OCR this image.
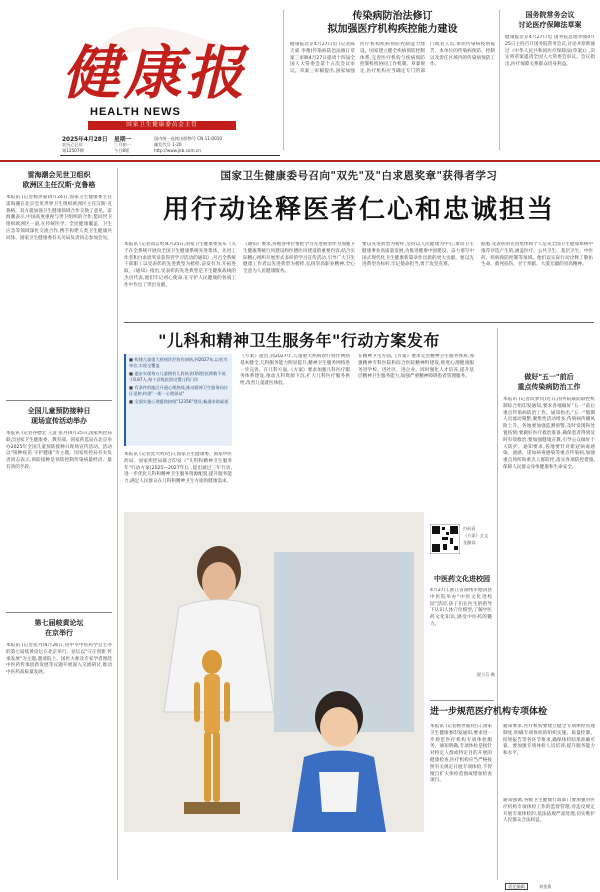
健康报
HEALTH NEWS
国家卫生健康委员会主管
2025年4月28日
农历乙巳年
第12507期
星期一
三月初一
今日8版
国内统一连续出版物号 CN 11-0010
邮发代号 1-20
http://www.jkb.com.cn
传染病防治法修订
拟加强医疗机构疾控能力建设
健康报北京4月27日电 (记者陈天威 李雅)传染病防治法修订草案三审稿4月27日提请十四届全国人大常委会第十五次会议审议。草案三审稿提出,国家加强医疗机构疾病预防控制能力建设。国家建立健全疾病预防控制体系,完善医疗机构与疾病预防控制机构协同工作机制。草案规定,医疗机构应当确定专门的部门或者人员,承担传染病疫情报告、本单位的传染病预防、控制以及责任区域内的传染病预防工作。
国务院常务会议
讨论医疗保障法草案
健康报北京4月27日电 国务院总理李强4月25日主持召开国务院常务会议,讨论并原则通过《中华人民共和国医疗保障法(草案)》,决定将草案提请全国人大常委会审议。会议指出,医疗保障关系群众切身利益。
雷海潮会见世卫组织
欧洲区主任汉斯·克鲁格
本报讯 (记者杨世嘉)4月24日,国家卫生健康委主任雷海潮在北京会见世界卫生组织欧洲区主任汉斯·克鲁格。双方就加强卫生健康领域合作交换了意见。雷海潮表示,中国高度重视与世卫组织的合作,愿同世卫组织欧洲区一道,在传统医学、全民健康覆盖、卫生应急等领域深化交流合作,携手构建人类卫生健康共同体。国家卫生健康委有关司局负责同志参加会见。
全国儿童预防接种日
现场宣传活动举办
本报讯 (记者谷德宏 王慧 张丹)4月25日,国家疾控局联合国家卫生健康委、教育部、国家药监局在北京举办2025年全国儿童预防接种日现场宣传活动。活动以"接种疫苗 守护健康"为主题。国家疾控局有关负责同志表示,预防接种是预防控制传染病最经济、最有效的手段。
第七届岐黄论坛
在京举行
本报讯 (记者张丹)4月26日,由中华中医药学会主办的第七届岐黄论坛在北京举行。论坛以"守正创新 传承发展"为主题,邀请院士、国医大师及专家学者围绕中医药传承创新发展等议题开展深入交流研讨,推动中医药高质量发展。
国家卫生健康委号召向"双先"及"白求恩奖章"获得者学习
用行动诠释医者仁心和忠诚担当
本报讯 (记者刘志勇)4月25日,国家卫生健康委发布《关于在全系统开展向全国卫生健康系统先进集体、先进工作者和白求恩奖章获得者学习活动的通知》,号召全系统干部职工以受表彰的先进典型为榜样,奋发有为,开拓进取。《通知》指出,受表彰的先进典型是卫生健康战线的杰出代表,他们牢记初心使命,在守护人民健康的各项工作中作出了突出贡献。
《通知》要求,各地各单位要把学习先进典型作为加强卫生健康系统行风建设和医德医风建设的重要内容,结合实际精心组织开展形式多样的学习宣传活动,引导广大卫生健康工作者以先进典型为榜样,弘扬崇高职业精神,全心全意为人民健康服务。
要以先进典型为榜样,坚持以人民健康为中心,推动卫生健康事业高质量发展,为推进健康中国建设、奋力谱写中国式现代化卫生健康新篇章作出新的更大贡献。要以先进典型为标杆,牢记使命担当,勇于攻坚克难。
据悉,受表彰的先进集体和个人是从全国卫生健康系统中推荐评选产生的,涵盖医疗、公共卫生、基层卫生、中医药、疾病预防控制等领域。他们以实际行动诠释了敬佑生命、救死扶伤、甘于奉献、大爱无疆的崇高精神。
"儿科和精神卫生服务年"行动方案发布
■ 构建儿童重大疾病诊疗协作网络,到2027年,以省为单位,实现全覆盖
■ 逐步实现每万儿童拥有儿科执业(助理)医师数不低于0.87人,每个县级医院设置儿科门诊
■ 有条件的地区开通心理热线,推动精神卫生服务向社区延伸,构建"一街一心理驿站"
■ 全面实施心理援助热线"12356"建设,畅通求助渠道
本报讯 (记者沈大明)近日,国家卫生健康委、国家中医药局、国家疾控局联合印发《"儿科和精神卫生服务年"行动方案(2025—2027年)》,提出通过三年行动,进一步优化儿科和精神卫生服务资源配置,提升服务能力,满足人民群众在儿科和精神卫生方面的健康需求。
《方案》提出,到2027年,儿童重大疾病诊疗协作网络基本健全,儿科服务能力明显提升,精神卫生服务网络进一步完善。在儿科方面,《方案》要求加强儿科医疗服务体系建设,推动儿科资源下沉,扩大儿科医疗服务供给,改善儿童就医体验。
在精神卫生方面,《方案》要求完善精神卫生服务体系,加强精神专科医院和综合医院精神科建设,推进心理健康服务进学校、进社区、进企业。同时强化人才培养,提升基层精神卫生服务能力,加强严重精神障碍患者管理服务。
扫码看
《方案》全文
及解读
中医药文化进校园
4月27日,浙江省湖州市德清县中医院举办"中医文化进校园"活动,孩子们在医生的指导下认识人体穴位模型,了解中医药文化知识,感受中医药的魅力。
倪立芬 摄
做好"五一"前后
重点传染病防治工作
本报讯 (记者段梦岚)近日,国务院联防联控机制综合组印发通知,要求各地做好"五一"前后重点传染病防治工作。通知指出,"五一"假期人员流动频繁,聚集性活动增多,传染病传播风险上升。各地要加强监测预警,及时发现和处置疫情;要做好医疗救治准备,确保患者得到及时有效救治;要加强健康宣教,引导公众做好个人防护。通知要求,各地要针对新冠病毒感染、流感、诺如病毒感染等重点传染病,加强重点场所和重点人群防控,落实各项防控措施,保障人民群众身体健康和生命安全。
进一步规范医疗机构专项体检
本报讯 (记者杨世嘉)近日,国家卫生健康委印发通知,要求进一步规范医疗机构专项体检服务。通知明确,专项体检是指针对特定人群或特定目的开展的健康检查,医疗机构应当严格按照有关规定开展专项体检,不得擅自扩大体检范围或增加检查项目。
通知要求,医疗机构要建立健全专项体检管理制度,明确专项体检的组织实施、质量控制、结果报告等各环节要求,确保体检结果准确可靠。要加强专项体检人员培训,提升服务能力和水平。
通知强调,各级卫生健康行政部门要加强对医疗机构专项体检工作的监督管理,对违反规定开展专项体检的,依法依规严肃处理,切实维护人民群众合法权益。
责任编辑	刘金燕
